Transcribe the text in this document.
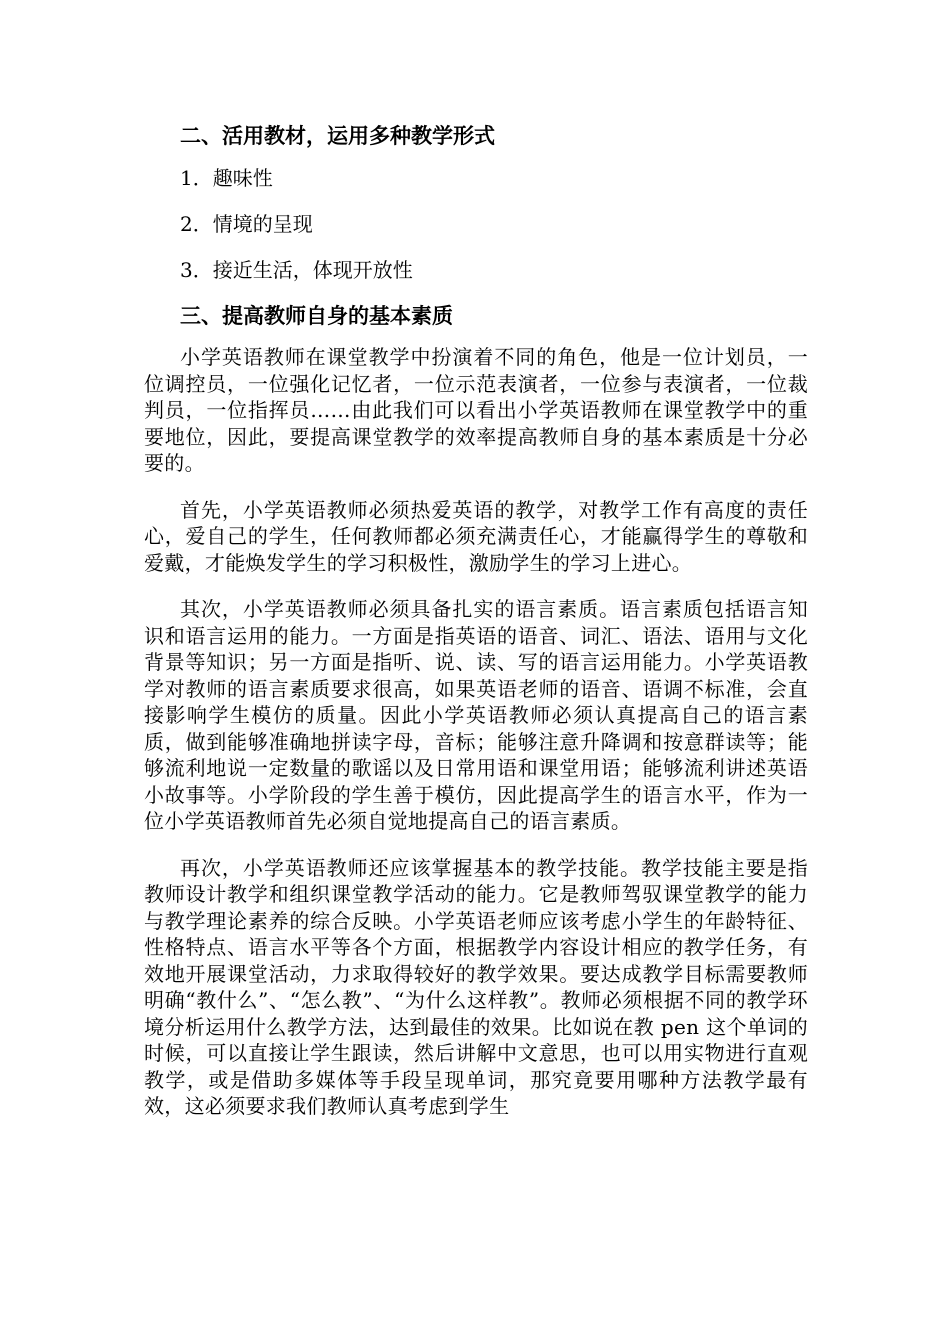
二、活用教材，运用多种教学形式
1．趣味性
2．情境的呈现
3．接近生活，体现开放性
三、提高教师自身的基本素质

小学英语教师在课堂教学中扮演着不同的角色，他是一位计划员，一位调控员，一位强化记忆者，一位示范表演者，一位参与表演者，一位裁判员，一位指挥员……由此我们可以看出小学英语教师在课堂教学中的重要地位，因此，要提高课堂教学的效率提高教师自身的基本素质是十分必要的。

首先，小学英语教师必须热爱英语的教学，对教学工作有高度的责任心，爱自己的学生，任何教师都必须充满责任心，才能赢得学生的尊敬和爱戴，才能焕发学生的学习积极性，激励学生的学习上进心。

其次，小学英语教师必须具备扎实的语言素质。语言素质包括语言知识和语言运用的能力。一方面是指英语的语音、词汇、语法、语用与文化背景等知识；另一方面是指听、说、读、写的语言运用能力。小学英语教学对教师的语言素质要求很高，如果英语老师的语音、语调不标准，会直接影响学生模仿的质量。因此小学英语教师必须认真提高自己的语言素质，做到能够准确地拼读字母，音标；能够注意升降调和按意群读等；能够流利地说一定数量的歌谣以及日常用语和课堂用语；能够流利讲述英语小故事等。小学阶段的学生善于模仿，因此提高学生的语言水平，作为一位小学英语教师首先必须自觉地提高自己的语言素质。

再次，小学英语教师还应该掌握基本的教学技能。教学技能主要是指教师设计教学和组织课堂教学活动的能力。它是教师驾驭课堂教学的能力与教学理论素养的综合反映。小学英语老师应该考虑小学生的年龄特征、性格特点、语言水平等各个方面，根据教学内容设计相应的教学任务，有效地开展课堂活动，力求取得较好的教学效果。要达成教学目标需要教师明确“教什么”、“怎么教”、“为什么这样教”。教师必须根据不同的教学环境分析运用什么教学方法，达到最佳的效果。比如说在教 pen 这个单词的时候，可以直接让学生跟读，然后讲解中文意思，也可以用实物进行直观教学，或是借助多媒体等手段呈现单词，那究竟要用哪种方法教学最有效，这必须要求我们教师认真考虑到学生
